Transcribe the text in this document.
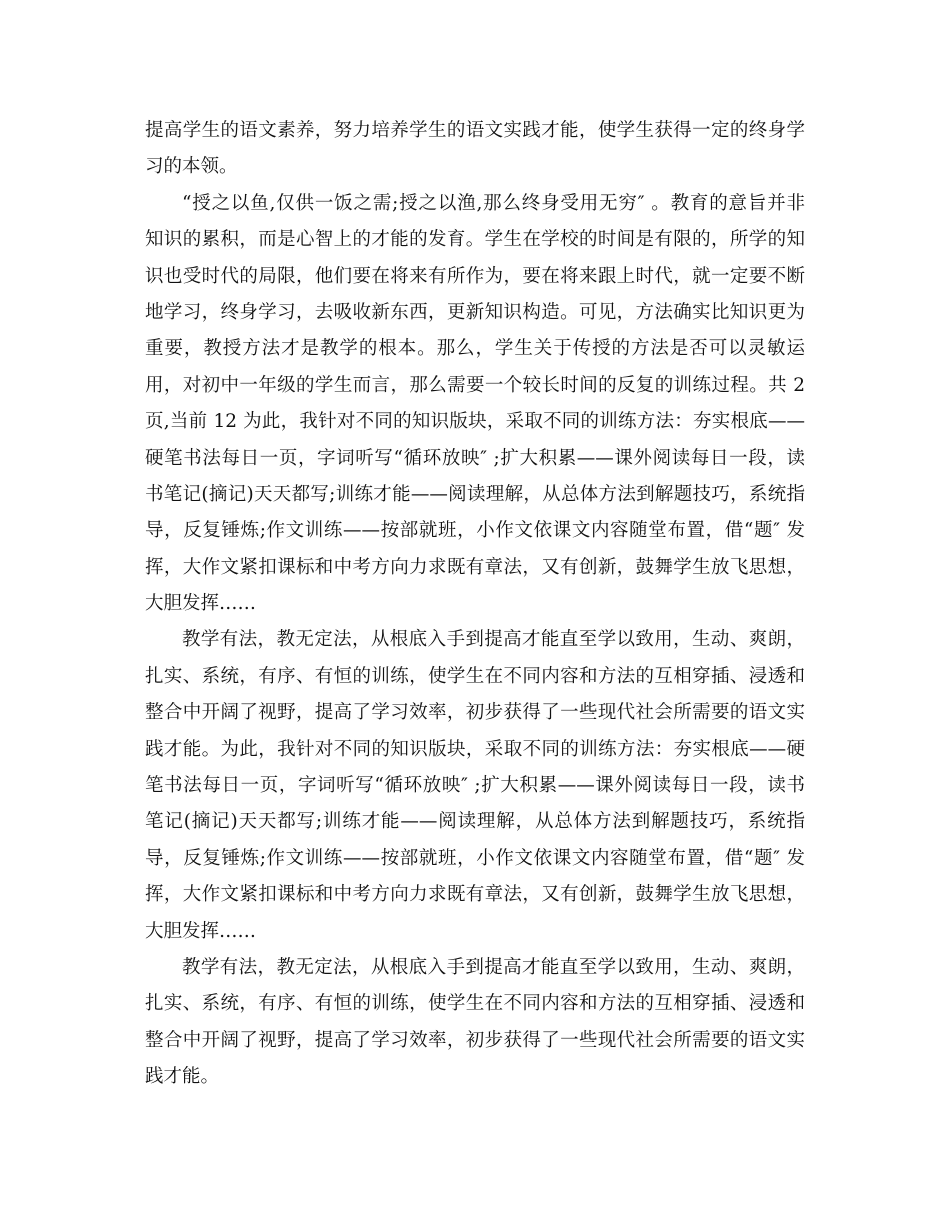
提高学生的语文素养，努力培养学生的语文实践才能，使学生获得一定的终身学
习的本领。
“授之以鱼,仅供一饭之需;授之以渔,那么终身受用无穷″ 。教育的意旨并非
知识的累积，而是心智上的才能的发育。学生在学校的时间是有限的，所学的知
识也受时代的局限，他们要在将来有所作为，要在将来跟上时代，就一定要不断
地学习，终身学习，去吸收新东西，更新知识构造。可见，方法确实比知识更为
重要，教授方法才是教学的根本。那么，学生关于传授的方法是否可以灵敏运
用，对初中一年级的学生而言，那么需要一个较长时间的反复的训练过程。共 2
页,当前 12 为此，我针对不同的知识版块，采取不同的训练方法：夯实根底——
硬笔书法每日一页，字词听写“循环放映″ ;扩大积累——课外阅读每日一段，读
书笔记(摘记)天天都写;训练才能——阅读理解，从总体方法到解题技巧，系统指
导，反复锤炼;作文训练——按部就班，小作文依课文内容随堂布置，借“题″ 发
挥，大作文紧扣课标和中考方向力求既有章法，又有创新，鼓舞学生放飞思想，
大胆发挥……
教学有法，教无定法，从根底入手到提高才能直至学以致用，生动、爽朗，
扎实、系统，有序、有恒的训练，使学生在不同内容和方法的互相穿插、浸透和
整合中开阔了视野，提高了学习效率，初步获得了一些现代社会所需要的语文实
践才能。为此，我针对不同的知识版块，采取不同的训练方法：夯实根底——硬
笔书法每日一页，字词听写“循环放映″ ;扩大积累——课外阅读每日一段，读书
笔记(摘记)天天都写;训练才能——阅读理解，从总体方法到解题技巧，系统指
导，反复锤炼;作文训练——按部就班，小作文依课文内容随堂布置，借“题″ 发
挥，大作文紧扣课标和中考方向力求既有章法，又有创新，鼓舞学生放飞思想，
大胆发挥……
教学有法，教无定法，从根底入手到提高才能直至学以致用，生动、爽朗，
扎实、系统，有序、有恒的训练，使学生在不同内容和方法的互相穿插、浸透和
整合中开阔了视野，提高了学习效率，初步获得了一些现代社会所需要的语文实
践才能。
